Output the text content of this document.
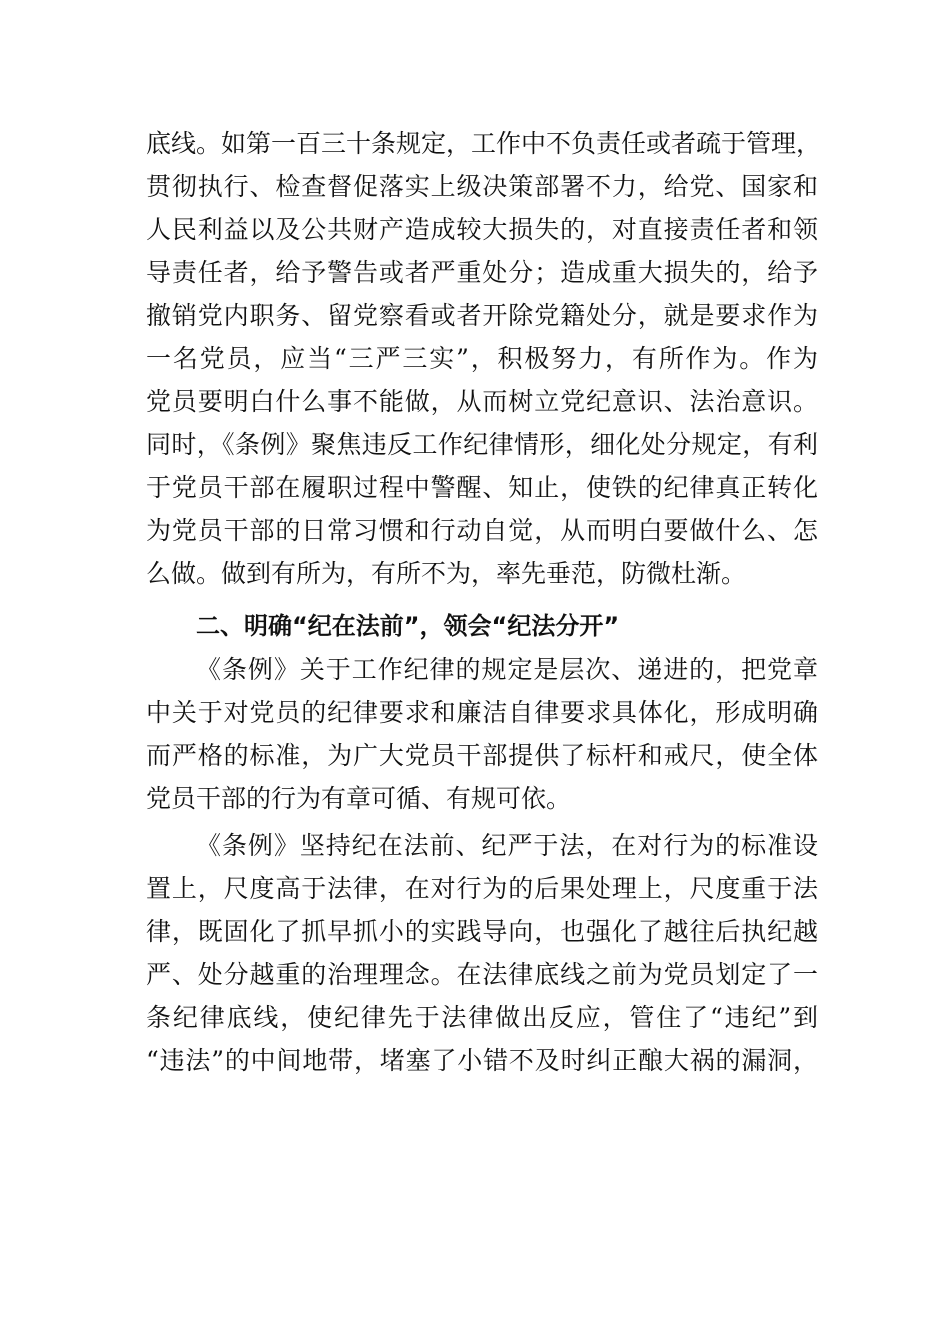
底线。如第一百三十条规定，工作中不负责任或者疏于管理，
贯彻执行、检查督促落实上级决策部署不力，给党、国家和
人民利益以及公共财产造成较大损失的，对直接责任者和领
导责任者，给予警告或者严重处分；造成重大损失的，给予
撤销党内职务、留党察看或者开除党籍处分，就是要求作为
一名党员，应当“三严三实”，积极努力，有所作为。作为
党员要明白什么事不能做，从而树立党纪意识、法治意识。
同时，《条例》聚焦违反工作纪律情形，细化处分规定，有利
于党员干部在履职过程中警醒、知止，使铁的纪律真正转化
为党员干部的日常习惯和行动自觉，从而明白要做什么、怎
么做。做到有所为，有所不为，率先垂范，防微杜渐。
二、明确“纪在法前”，领会“纪法分开”
《条例》关于工作纪律的规定是层次、递进的，把党章
中关于对党员的纪律要求和廉洁自律要求具体化，形成明确
而严格的标准，为广大党员干部提供了标杆和戒尺，使全体
党员干部的行为有章可循、有规可依。
《条例》坚持纪在法前、纪严于法，在对行为的标准设
置上，尺度高于法律，在对行为的后果处理上，尺度重于法
律，既固化了抓早抓小的实践导向，也强化了越往后执纪越
严、处分越重的治理理念。在法律底线之前为党员划定了一
条纪律底线，使纪律先于法律做出反应，管住了“违纪”到
“违法”的中间地带，堵塞了小错不及时纠正酿大祸的漏洞，
